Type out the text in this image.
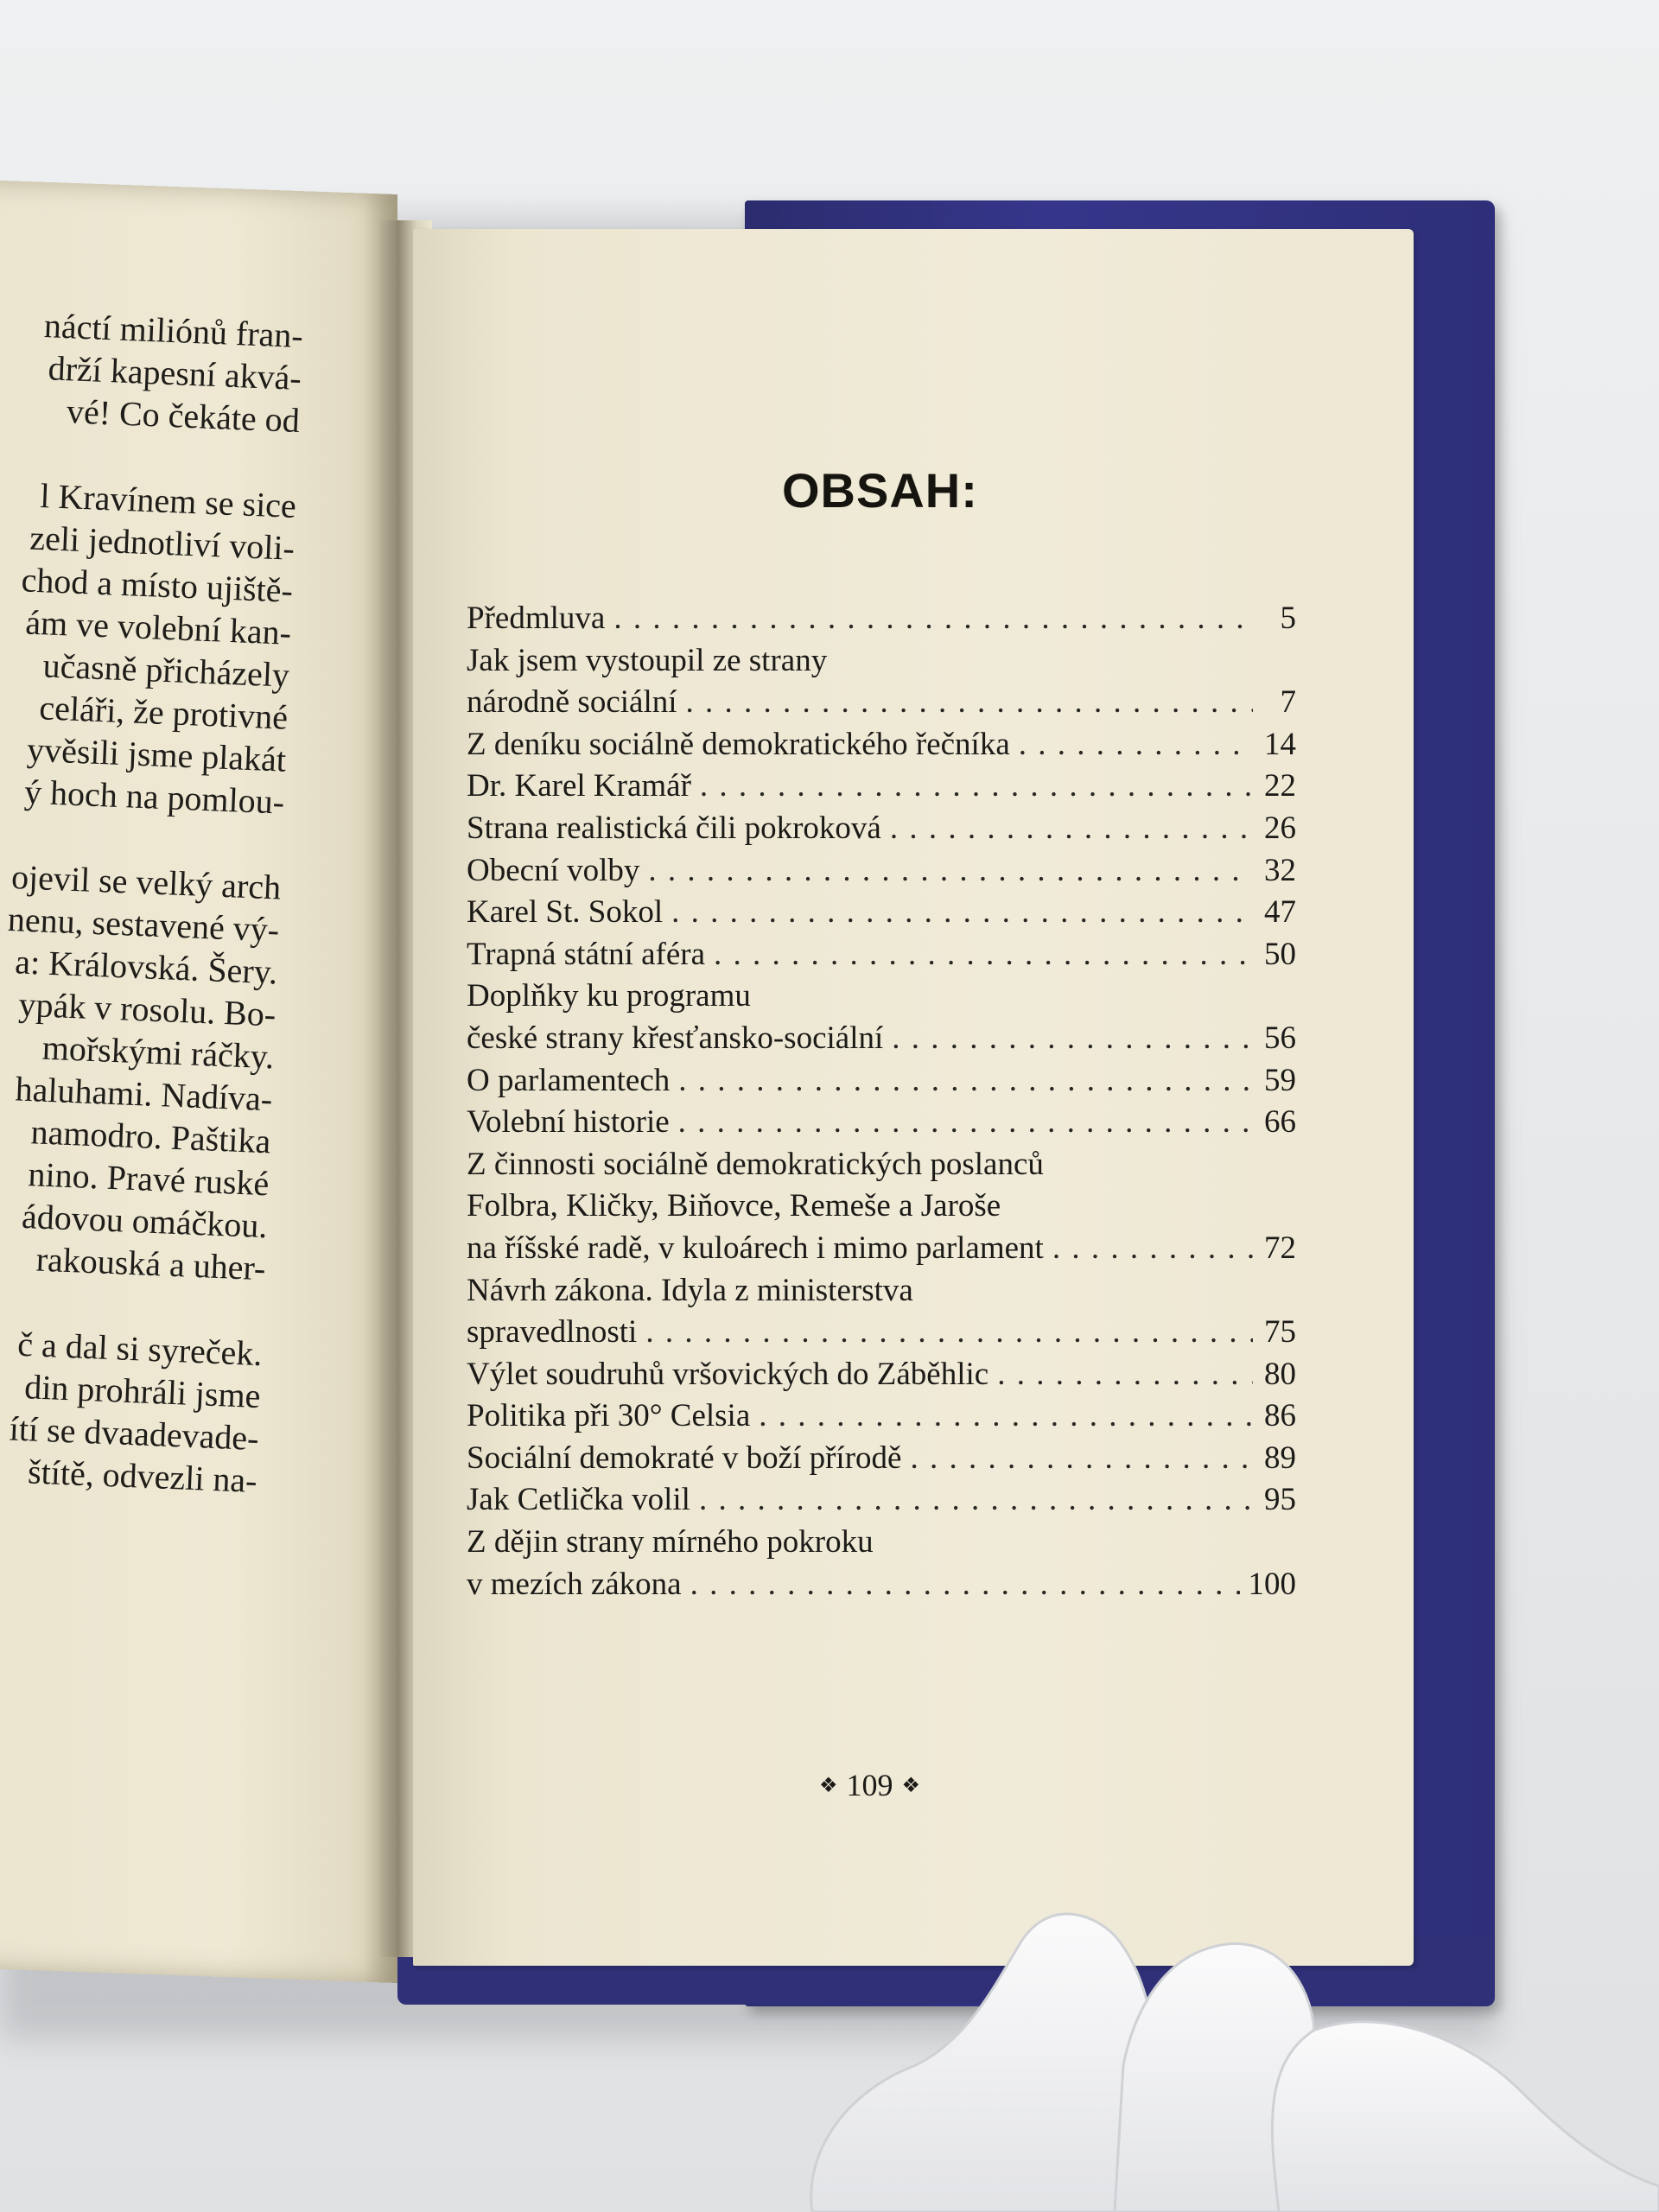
náctí miliónů fran-
drží kapesní akvá-
vé! Co čekáte od
l Kravínem se sice
zeli jednotliví voli-
chod a místo ujiště-
ám ve volební kan-
učasně přicházely
celáři, že protivné
yvěsili jsme plakát
ý hoch na pomlou-
ojevil se velký arch
nenu, sestavené vý-
a: Královská. Šery.
ypák v rosolu. Bo-
mořskými ráčky.
haluhami. Nadíva-
namodro. Paštika
nino. Pravé ruské
ádovou omáčkou.
rakouská a uher-
č a dal si syreček.
din prohráli jsme
ítí se dvaadevade-
štítě, odvezli na-
OBSAH:
Předmluva . . .	5
Jak jsem vystoupil ze strany
národně sociální . . .	7
Z deníku sociálně demokratického řečníka . . .	14
Dr. Karel Kramář . . .	22
Strana realistická čili pokroková . . .	26
Obecní volby . . .	32
Karel St. Sokol . . .	47
Trapná státní aféra . . .	50
Doplňky ku programu
české strany křesťansko-sociální . . .	56
O parlamentech . . .	59
Volební historie . . .	66
Z činnosti sociálně demokratických poslanců
Folbra, Kličky, Biňovce, Remeše a Jaroše
na říšské radě, v kuloárech i mimo parlament . . .	72
Návrh zákona. Idyla z ministerstva
spravedlnosti . . .	75
Výlet soudruhů vršovických do Záběhlic . . .	80
Politika při 30° Celsia . . .	86
Sociální demokraté v boží přírodě . . .	89
Jak Cetlička volil . . .	95
Z dějin strany mírného pokroku
v mezích zákona . . .	100
❖ 109 ❖
